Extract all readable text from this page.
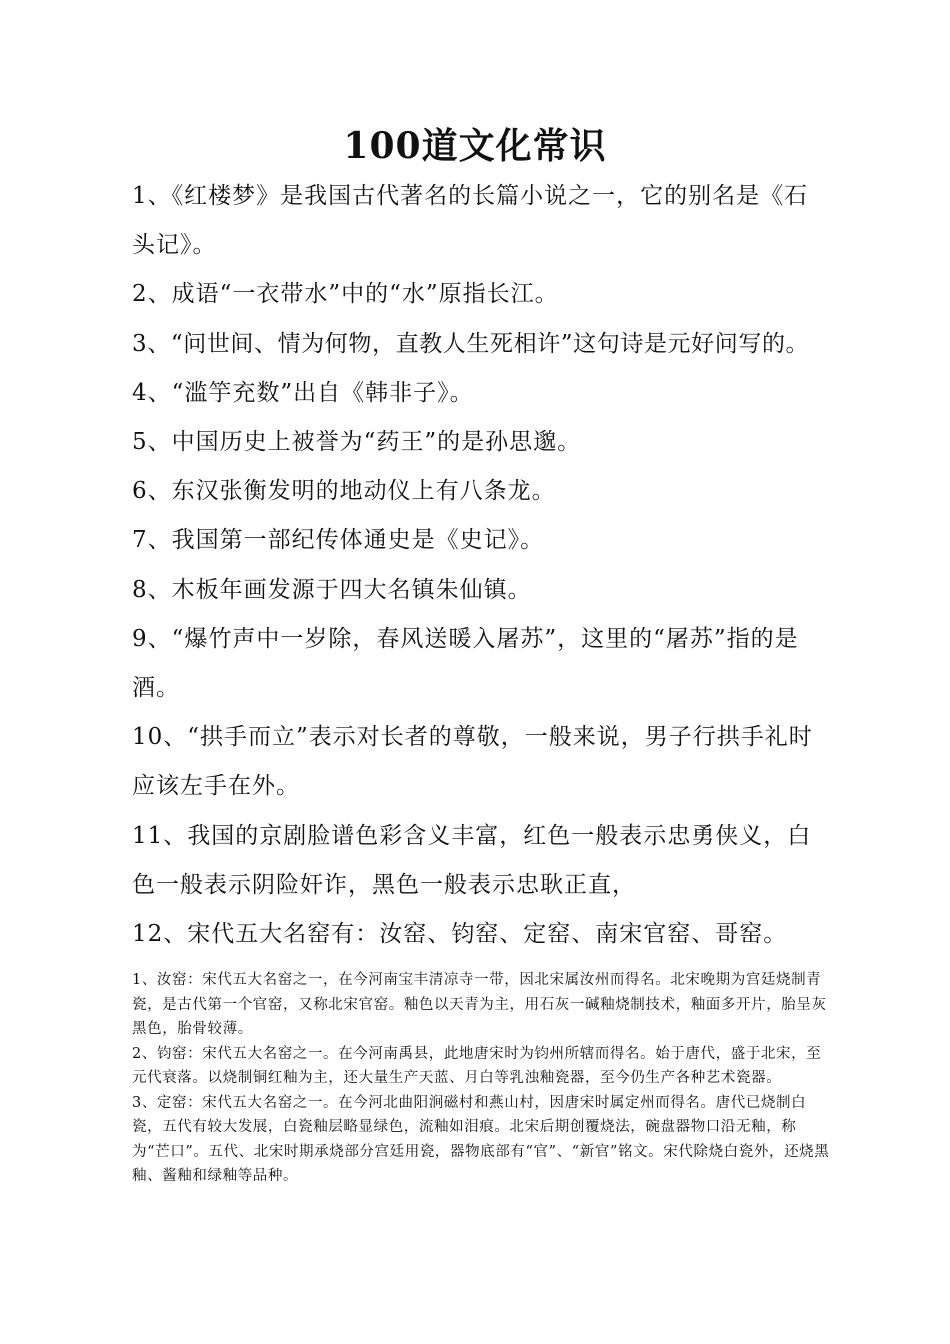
100道文化常识
1、《红楼梦》是我国古代著名的长篇小说之一，它的别名是《石头记》。
2、成语“一衣带水”中的“水”原指长江。
3、“问世间、情为何物，直教人生死相许”这句诗是元好问写的。
4、“滥竽充数”出自《韩非子》。
5、中国历史上被誉为“药王”的是孙思邈。
6、东汉张衡发明的地动仪上有八条龙。
7、我国第一部纪传体通史是《史记》。
8、木板年画发源于四大名镇朱仙镇。
9、“爆竹声中一岁除，春风送暖入屠苏”，这里的“屠苏”指的是酒。
10、“拱手而立”表示对长者的尊敬，一般来说，男子行拱手礼时应该左手在外。
11、我国的京剧脸谱色彩含义丰富，红色一般表示忠勇侠义，白色一般表示阴险奸诈，黑色一般表示忠耿正直，
12、宋代五大名窑有：汝窑、钧窑、定窑、南宋官窑、哥窑。
1、汝窑：宋代五大名窑之一，在今河南宝丰清凉寺一带，因北宋属汝州而得名。北宋晚期为宫廷烧制青瓷，是古代第一个官窑，又称北宋官窑。釉色以天青为主，用石灰一碱釉烧制技术，釉面多开片，胎呈灰黑色，胎骨较薄。
2、钧窑：宋代五大名窑之一。在今河南禹县，此地唐宋时为钧州所辖而得名。始于唐代，盛于北宋，至元代衰落。以烧制铜红釉为主，还大量生产天蓝、月白等乳浊釉瓷器，至今仍生产各种艺术瓷器。
3、定窑：宋代五大名窑之一。在今河北曲阳涧磁村和燕山村，因唐宋时属定州而得名。唐代已烧制白瓷，五代有较大发展，白瓷釉层略显绿色，流釉如泪痕。北宋后期创覆烧法，碗盘器物口沿无釉，称为“芒口”。五代、北宋时期承烧部分宫廷用瓷，器物底部有“官”、“新官”铭文。宋代除烧白瓷外，还烧黑釉、酱釉和绿釉等品种。
